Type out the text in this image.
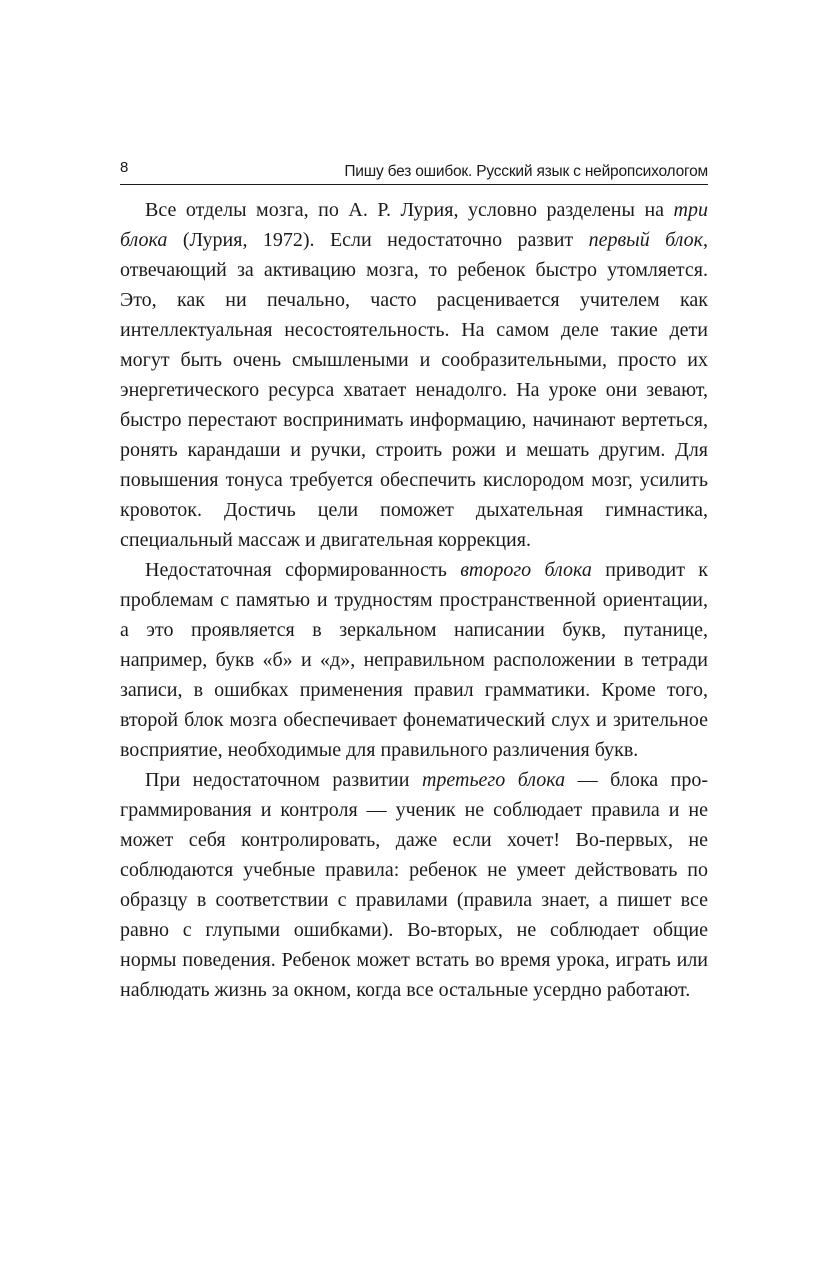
8	Пишу без ошибок. Русский язык с нейропсихологом

Все отделы мозга, по А. Р. Лурия, условно разделены на три блока (Лурия, 1972). Если недостаточно развит первый блок, отвечающий за активацию мозга, то ребенок быстро утомляется. Это, как ни печально, часто расценивается учителем как интеллектуальная несостоятельность. На самом деле такие дети могут быть очень смышлеными и сообразительными, просто их энергетического ресурса хватает ненадолго. На уроке они зевают, быстро перестают воспринимать информацию, начинают вертеться, ронять карандаши и ручки, строить рожи и мешать другим. Для повышения тонуса требуется обеспечить кислородом мозг, усилить кровоток. Достичь цели поможет дыхательная гимнастика, специальный массаж и двигательная коррекция.

Недостаточная сформированность второго блока приводит к проблемам с памятью и трудностям пространственной ориентации, а это проявляется в зеркальном написании букв, путанице, например, букв «б» и «д», неправильном расположении в тетради записи, в ошибках применения правил грамматики. Кроме того, второй блок мозга обеспечивает фонематический слух и зрительное восприятие, необходимые для правильного различения букв.

При недостаточном развитии третьего блока — блока программирования и контроля — ученик не соблюдает правила и не может себя контролировать, даже если хочет! Во-первых, не соблюдаются учебные правила: ребенок не умеет действовать по образцу в соответствии с правилами (правила знает, а пишет все равно с глупыми ошибками). Во-вторых, не соблюдает общие нормы поведения. Ребенок может встать во время урока, играть или наблюдать жизнь за окном, когда все остальные усердно работают.
